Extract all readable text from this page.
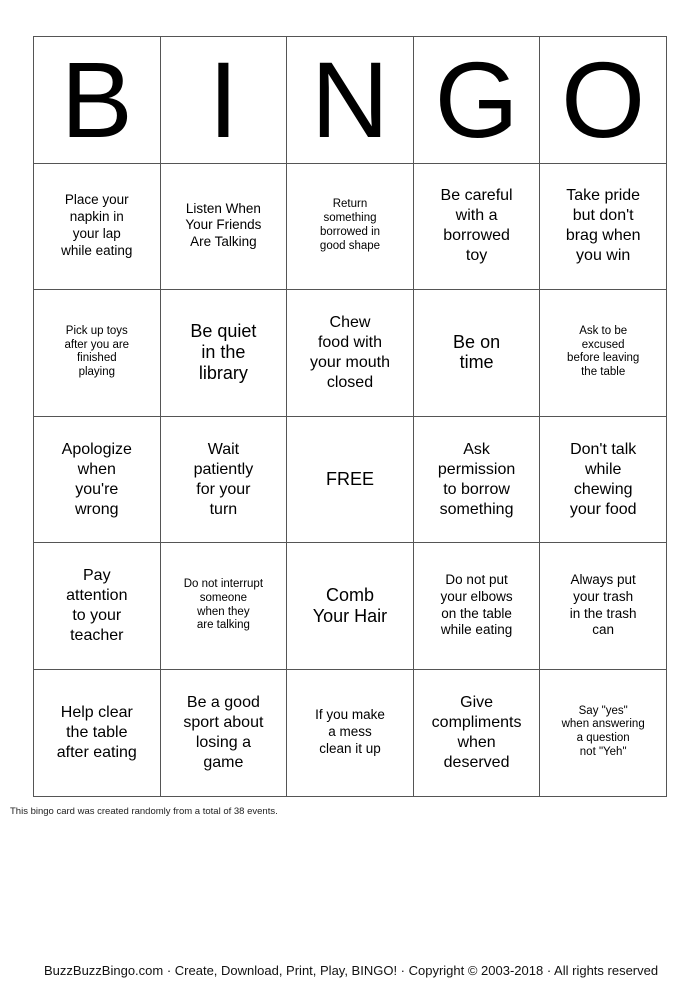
B	I	N	G	O

Place your
napkin in
your lap
while eating	Listen When
Your Friends
Are Talking	Return
something
borrowed in
good shape	Be careful
with a
borrowed
toy	Take pride
but don't
brag when
you win

Pick up toys
after you are
finished
playing	Be quiet
in the
library	Chew
food with
your mouth
closed	Be on
time	Ask to be
excused
before leaving
the table

Apologize
when
you're
wrong	Wait
patiently
for your
turn	FREE	Ask
permission
to borrow
something	Don't talk
while
chewing
your food

Pay
attention
to your
teacher	Do not interrupt
someone
when they
are talking	Comb
Your Hair	Do not put
your elbows
on the table
while eating	Always put
your trash
in the trash
can

Help clear
the table
after eating	Be a good
sport about
losing a
game	If you make
a mess
clean it up	Give
compliments
when
deserved	Say "yes"
when answering
a question
not "Yeh"
This bingo card was created randomly from a total of 38 events.
BuzzBuzzBingo.com · Create, Download, Print, Play, BINGO! · Copyright © 2003-2018 · All rights reserved
